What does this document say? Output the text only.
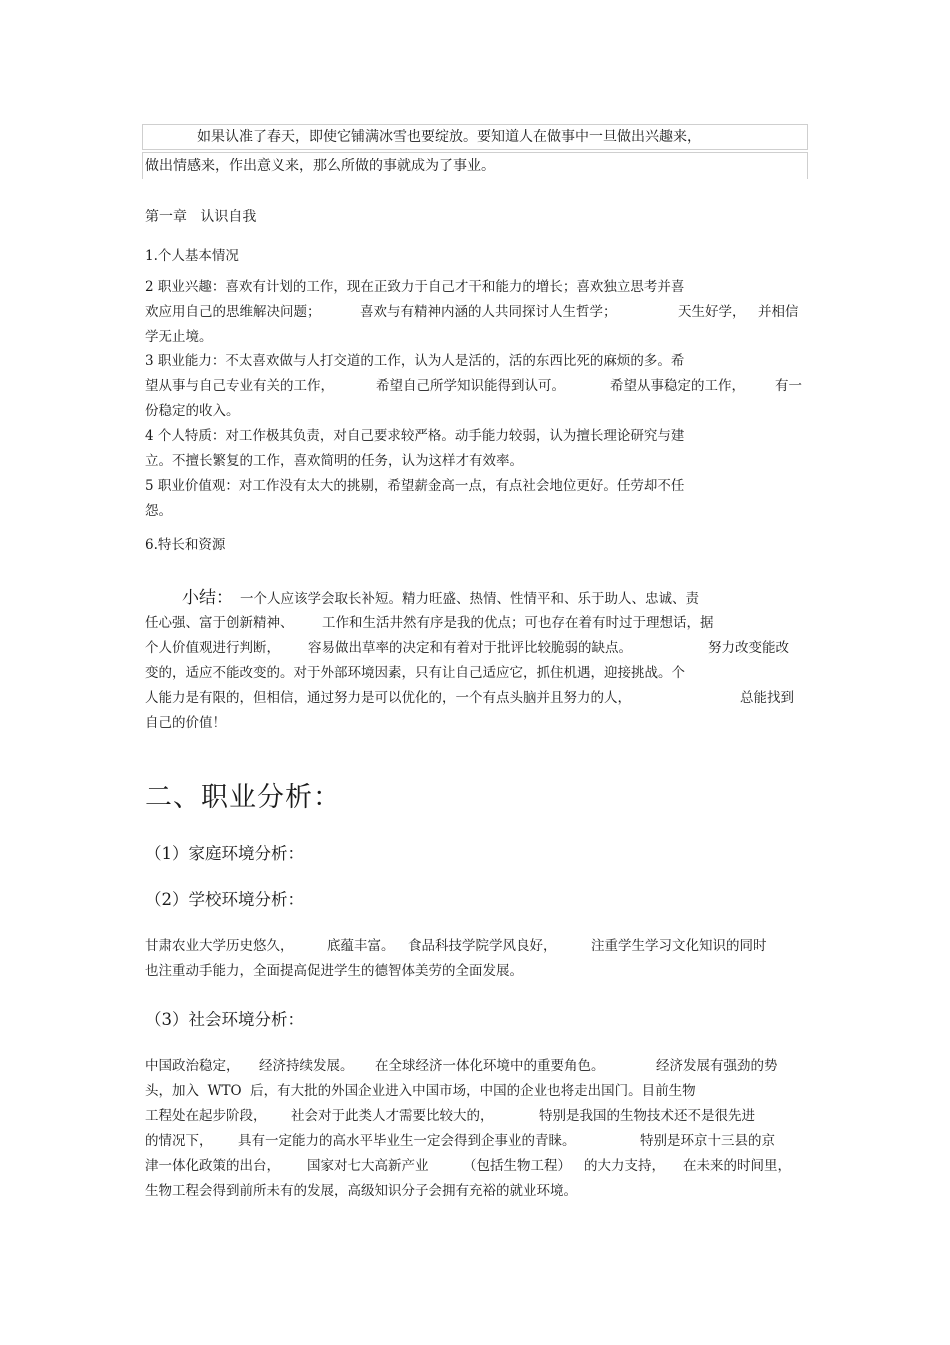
如果认准了春天，即使它铺满冰雪也要绽放。要知道人在做事中一旦做出兴趣来，
做出情感来，作出意义来，那么所做的事就成为了事业。
第一章   认识自我
1.个人基本情况
2 职业兴趣：喜欢有计划的工作，现在正致力于自己才干和能力的增长；喜欢独立思考并喜
欢应用自己的思维解决问题；	喜欢与有精神内涵的人共同探讨人生哲学；	天生好学， 并相信
学无止境。
3 职业能力：不太喜欢做与人打交道的工作，认为人是活的，活的东西比死的麻烦的多。希
望从事与自己专业有关的工作，	希望自己所学知识能得到认可。	希望从事稳定的工作， 有一
份稳定的收入。
4 个人特质：对工作极其负责，对自己要求较严格。动手能力较弱，认为擅长理论研究与建
立。不擅长繁复的工作，喜欢简明的任务，认为这样才有效率。
5 职业价值观：对工作没有太大的挑剔，希望薪金高一点，有点社会地位更好。任劳却不任
怨。
6.特长和资源
小结： 一个人应该学会取长补短。精力旺盛、热情、性情平和、乐于助人、忠诚、责
任心强、富于创新精神、 工作和生活井然有序是我的优点；可也存在着有时过于理想话，据
个人价值观进行判断， 容易做出草率的决定和有着对于批评比较脆弱的缺点。	努力改变能改
变的，适应不能改变的。对于外部环境因素，只有让自己适应它，抓住机遇，迎接挑战。个
人能力是有限的，但相信，通过努力是可以优化的，一个有点头脑并且努力的人，	总能找到
自己的价值！
二、职业分析：
（1）家庭环境分析：
（2）学校环境分析：
甘肃农业大学历史悠久， 底蕴丰富。 食品科技学院学风良好，	注重学生学习文化知识的同时
也注重动手能力，全面提高促进学生的德智体美劳的全面发展。
（3）社会环境分析：
中国政治稳定， 经济持续发展。 在全球经济一体化环境中的重要角色。	经济发展有强劲的势
头，加入  WTO  后，有大批的外国企业进入中国市场，中国的企业也将走出国门。目前生物
工程处在起步阶段， 社会对于此类人才需要比较大的，	特别是我国的生物技术还不是很先进
的情况下， 具有一定能力的高水平毕业生一定会得到企事业的青睐。	特别是环京十三县的京
津一体化政策的出台， 国家对七大高新产业	（包括生物工程） 的大力支持， 在未来的时间里，
生物工程会得到前所未有的发展，高级知识分子会拥有充裕的就业环境。
